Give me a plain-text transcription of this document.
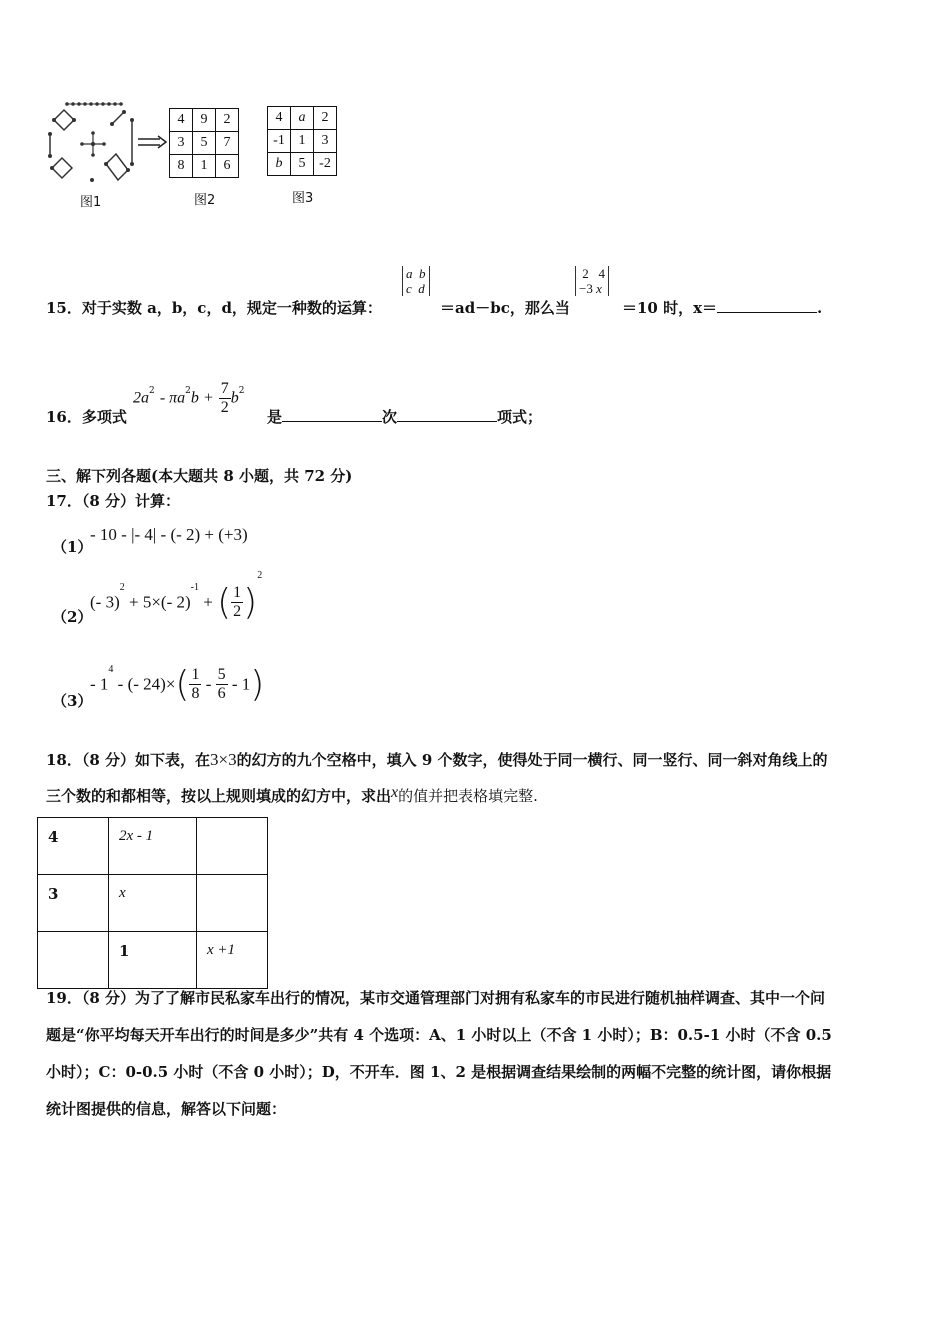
图1
4	9	2
3	5	7
8	1	6
图2
4	a	2
-1	1	3
b	5	-2
图3
15．对于实数 a，b，c，d，规定一种数的运算：
a b
c d
＝ad－bc，那么当
2 4
−3 x
＝10 时，x＝	.
16．多项式
$2a^2 - \pi a^2b + \frac{7}{2} b^2$
是	次	项式；
三、解下列各题(本大题共 8 小题，共 72 分)
17．（8 分）计算：
（1）
- 10 - |- 4| - (- 2) + (+3)
（2）
(- 3)$^2$ + 5×(- 2)$^{-1}$ + ( $\frac{1}{2} )^2$
（3）
- $1^4$ - (- $24)\times( \frac{1}{8} - \frac{5}{6} - 1)$
18．（8 分）如下表，在3×3的幻方的九个空格中，填入 9 个数字，使得处于同一横行、同一竖行、同一斜对角线上的
三个数的和都相等，按以上规则填成的幻方中，求出x的值并把表格填完整.
4	2x - 1	
3	x	
	1	x +1
19．（8 分）为了了解市民私家车出行的情况，某市交通管理部门对拥有私家车的市民进行随机抽样调查、其中一个问
题是“你平均每天开车出行的时间是多少”共有 4 个选项：A、1 小时以上（不含 1 小时）；B：0.5-1 小时（不含 0.5
小时）；C：0-0.5 小时（不含 0 小时）；D，不开车．图 1、2 是根据调查结果绘制的两幅不完整的统计图，请你根据
统计图提供的信息，解答以下问题：
